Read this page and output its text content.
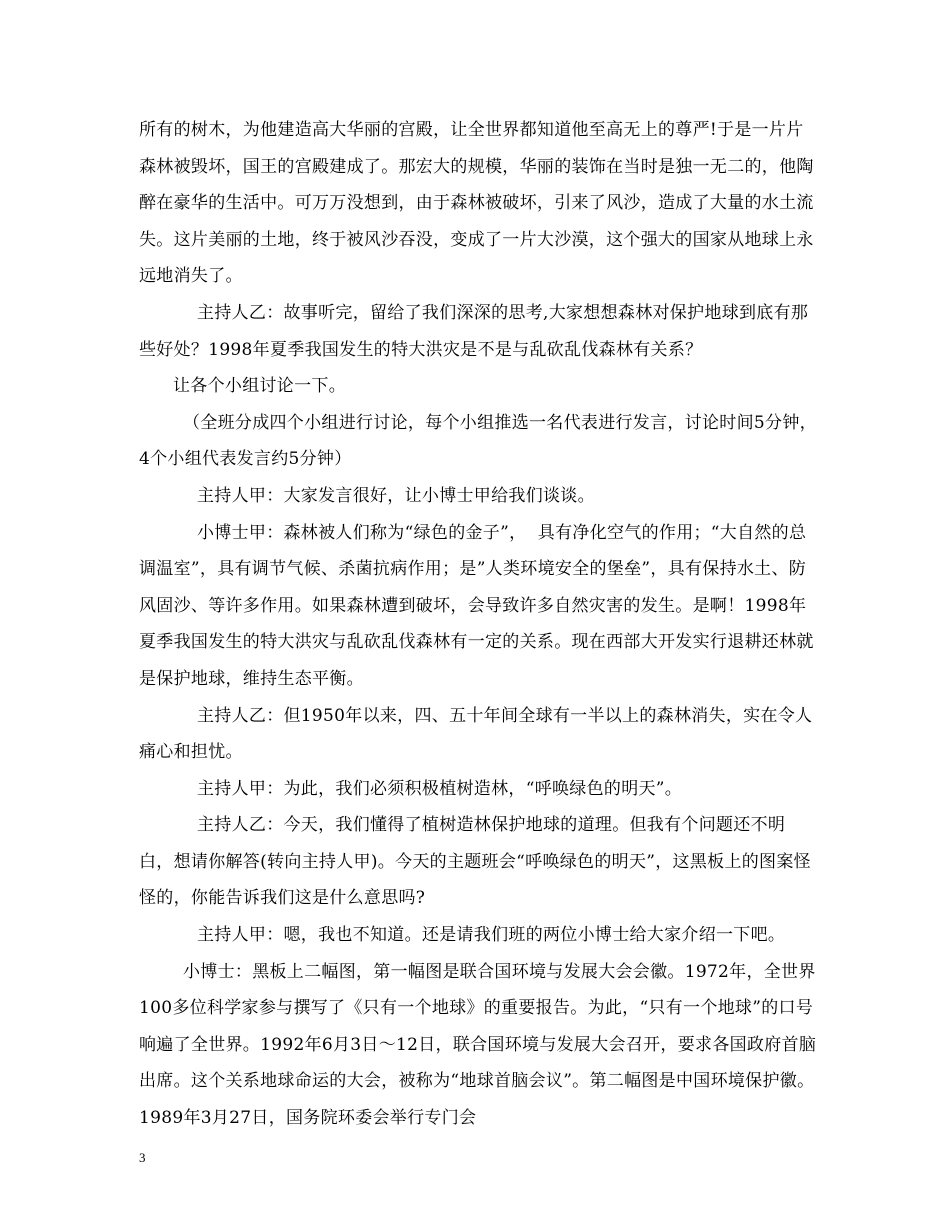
所有的树木，为他建造高大华丽的宫殿，让全世界都知道他至高无上的尊严!于是一片片森林被毁坏，国王的宫殿建成了。那宏大的规模，华丽的装饰在当时是独一无二的，他陶醉在豪华的生活中。可万万没想到，由于森林被破坏，引来了风沙，造成了大量的水土流失。这片美丽的土地，终于被风沙吞没，变成了一片大沙漠，这个强大的国家从地球上永远地消失了。

主持人乙：故事听完，留给了我们深深的思考,大家想想森林对保护地球到底有那些好处？1998年夏季我国发生的特大洪灾是不是与乱砍乱伐森林有关系？

让各个小组讨论一下。

（全班分成四个小组进行讨论，每个小组推选一名代表进行发言，讨论时间5分钟，4个小组代表发言约5分钟）

主持人甲：大家发言很好，让小博士甲给我们谈谈。

小博士甲：森林被人们称为“绿色的金子”，  具有净化空气的作用；“大自然的总调温室”，具有调节气候、杀菌抗病作用；是”人类环境安全的堡垒”，具有保持水土、防风固沙、等许多作用。如果森林遭到破坏，会导致许多自然灾害的发生。是啊！1998年夏季我国发生的特大洪灾与乱砍乱伐森林有一定的关系。现在西部大开发实行退耕还林就是保护地球，维持生态平衡。

主持人乙：但1950年以来，四、五十年间全球有一半以上的森林消失，实在令人痛心和担忧。

主持人甲：为此，我们必须积极植树造林，“呼唤绿色的明天”。

主持人乙：今天，我们懂得了植树造林保护地球的道理。但我有个问题还不明白，想请你解答(转向主持人甲)。今天的主题班会“呼唤绿色的明天”，这黑板上的图案怪怪的，你能告诉我们这是什么意思吗?

主持人甲：嗯，我也不知道。还是请我们班的两位小博士给大家介绍一下吧。

小博士：黑板上二幅图，第一幅图是联合国环境与发展大会会徽。1972年，全世界100多位科学家参与撰写了《只有一个地球》的重要报告。为此，“只有一个地球”的口号响遍了全世界。1992年6月3日～12日，联合国环境与发展大会召开，要求各国政府首脑出席。这个关系地球命运的大会，被称为“地球首脑会议”。第二幅图是中国环境保护徽。1989年3月27日，国务院环委会举行专门会

3
